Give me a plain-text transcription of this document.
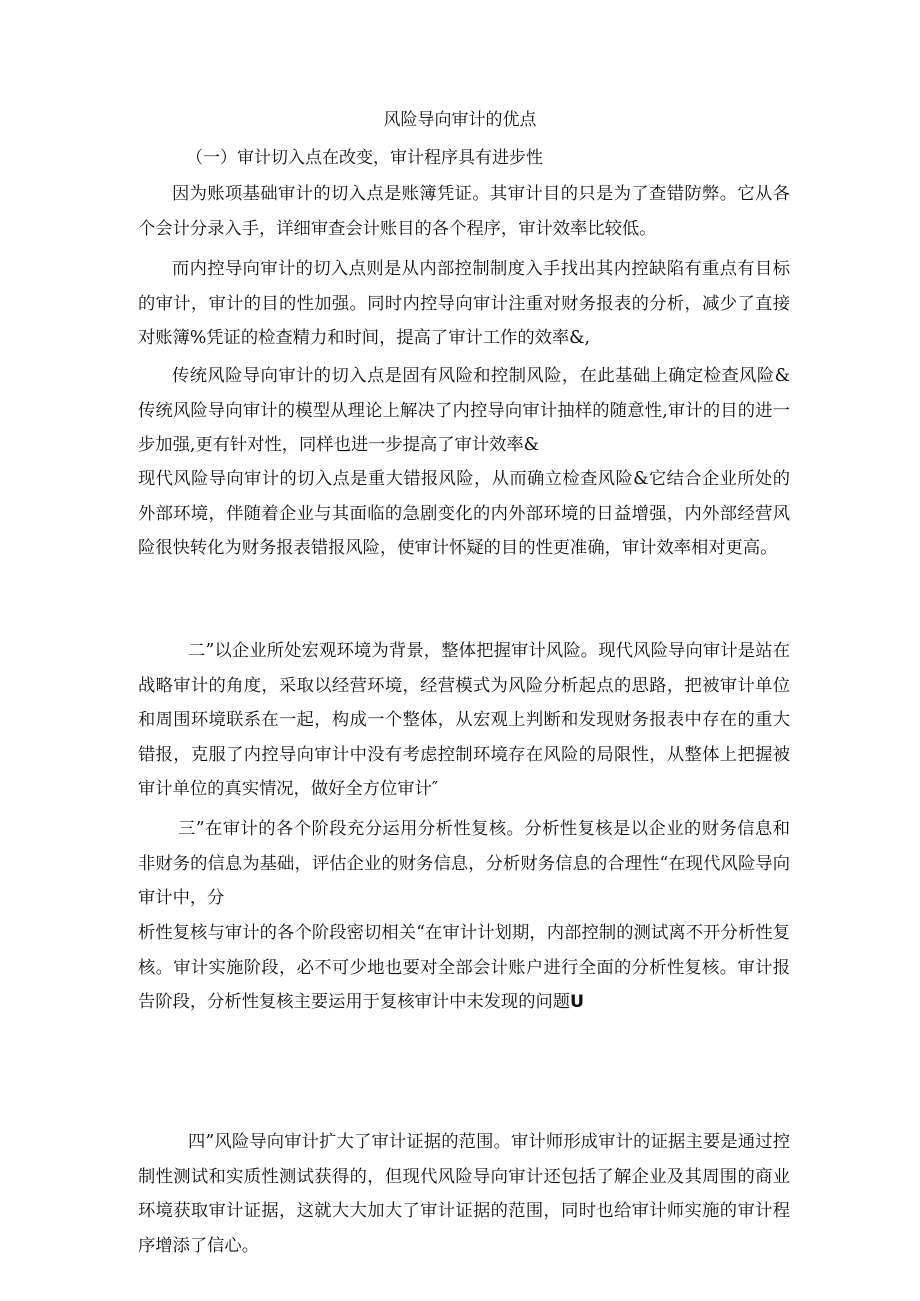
风险导向审计的优点
（一）审计切入点在改变，审计程序具有进步性
因为账项基础审计的切入点是账簿凭证。其审计目的只是为了查错防弊。它从各个会计分录入手，详细审查会计账目的各个程序，审计效率比较低。
而内控导向审计的切入点则是从内部控制制度入手找出其内控缺陷有重点有目标的审计，审计的目的性加强。同时内控导向审计注重对财务报表的分析，减少了直接对账簿%凭证的检查精力和时间，提高了审计工作的效率&,
传统风险导向审计的切入点是固有风险和控制风险，在此基础上确定检查风险&传统风险导向审计的模型从理论上解决了内控导向审计抽样的随意性,审计的目的进一步加强,更有针对性，同样也进一步提高了审计效率&
现代风险导向审计的切入点是重大错报风险，从而确立检查风险&它结合企业所处的外部环境，伴随着企业与其面临的急剧变化的内外部环境的日益增强，内外部经营风险很快转化为财务报表错报风险，使审计怀疑的目的性更准确，审计效率相对更高。
二”以企业所处宏观环境为背景，整体把握审计风险。现代风险导向审计是站在战略审计的角度，采取以经营环境，经营模式为风险分析起点的思路，把被审计单位和周围环境联系在一起，构成一个整体，从宏观上判断和发现财务报表中存在的重大错报，克服了内控导向审计中没有考虑控制环境存在风险的局限性，从整体上把握被审计单位的真实情况，做好全方位审计″
三”在审计的各个阶段充分运用分析性复核。分析性复核是以企业的财务信息和非财务的信息为基础，评估企业的财务信息，分析财务信息的合理性“在现代风险导向审计中，分
析性复核与审计的各个阶段密切相关“在审计计划期，内部控制的测试离不开分析性复核。审计实施阶段，必不可少地也要对全部会计账户进行全面的分析性复核。审计报告阶段，分析性复核主要运用于复核审计中未发现的问题U
四”风险导向审计扩大了审计证据的范围。审计师形成审计的证据主要是通过控制性测试和实质性测试获得的，但现代风险导向审计还包括了解企业及其周围的商业环境获取审计证据，这就大大加大了审计证据的范围，同时也给审计师实施的审计程序增添了信心。
